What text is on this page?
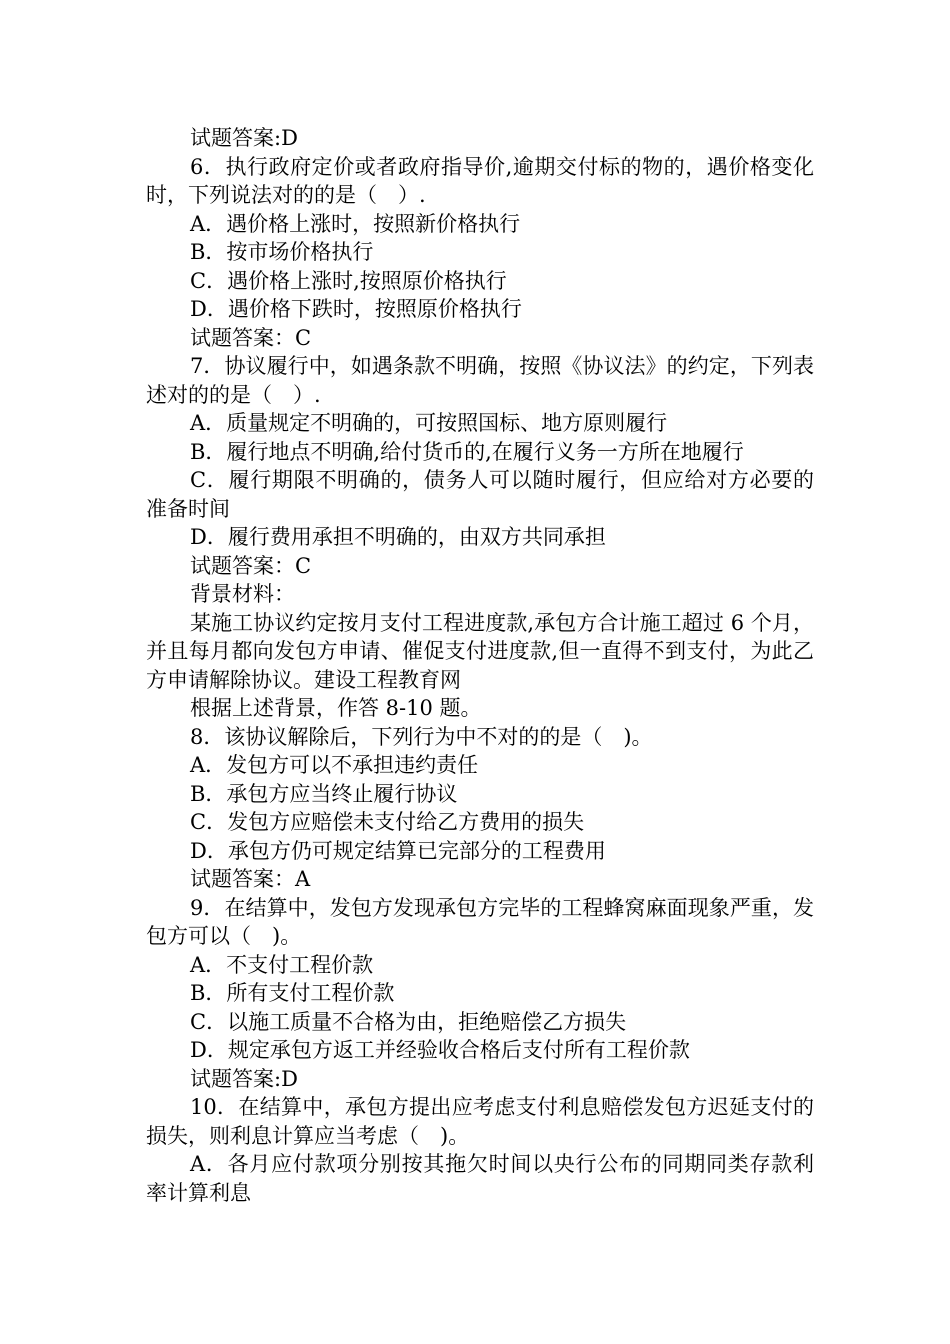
试题答案:D

6．执行政府定价或者政府指导价,逾期交付标的物的，遇价格变化时，下列说法对的的是（　）.

A．遇价格上涨时，按照新价格执行

B．按市场价格执行

C．遇价格上涨时,按照原价格执行

D．遇价格下跌时，按照原价格执行

试题答案：C

7．协议履行中，如遇条款不明确，按照《协议法》的约定，下列表述对的的是（　）.

A．质量规定不明确的，可按照国标、地方原则履行

B．履行地点不明确,给付货币的,在履行义务一方所在地履行

C．履行期限不明确的，债务人可以随时履行，但应给对方必要的准备时间

D．履行费用承担不明确的，由双方共同承担

试题答案：C

背景材料：

某施工协议约定按月支付工程进度款,承包方合计施工超过 6 个月，并且每月都向发包方申请、催促支付进度款,但一直得不到支付，为此乙方申请解除协议。建设工程教育网

根据上述背景，作答 8-10 题。

8．该协议解除后，下列行为中不对的的是（　)。

A．发包方可以不承担违约责任

B．承包方应当终止履行协议

C．发包方应赔偿未支付给乙方费用的损失

D．承包方仍可规定结算已完部分的工程费用

试题答案：A

9．在结算中，发包方发现承包方完毕的工程蜂窝麻面现象严重，发包方可以（　)。

A．不支付工程价款

B．所有支付工程价款

C．以施工质量不合格为由，拒绝赔偿乙方损失

D．规定承包方返工并经验收合格后支付所有工程价款

试题答案:D

10．在结算中，承包方提出应考虑支付利息赔偿发包方迟延支付的损失，则利息计算应当考虑（　)。

A．各月应付款项分别按其拖欠时间以央行公布的同期同类存款利率计算利息
